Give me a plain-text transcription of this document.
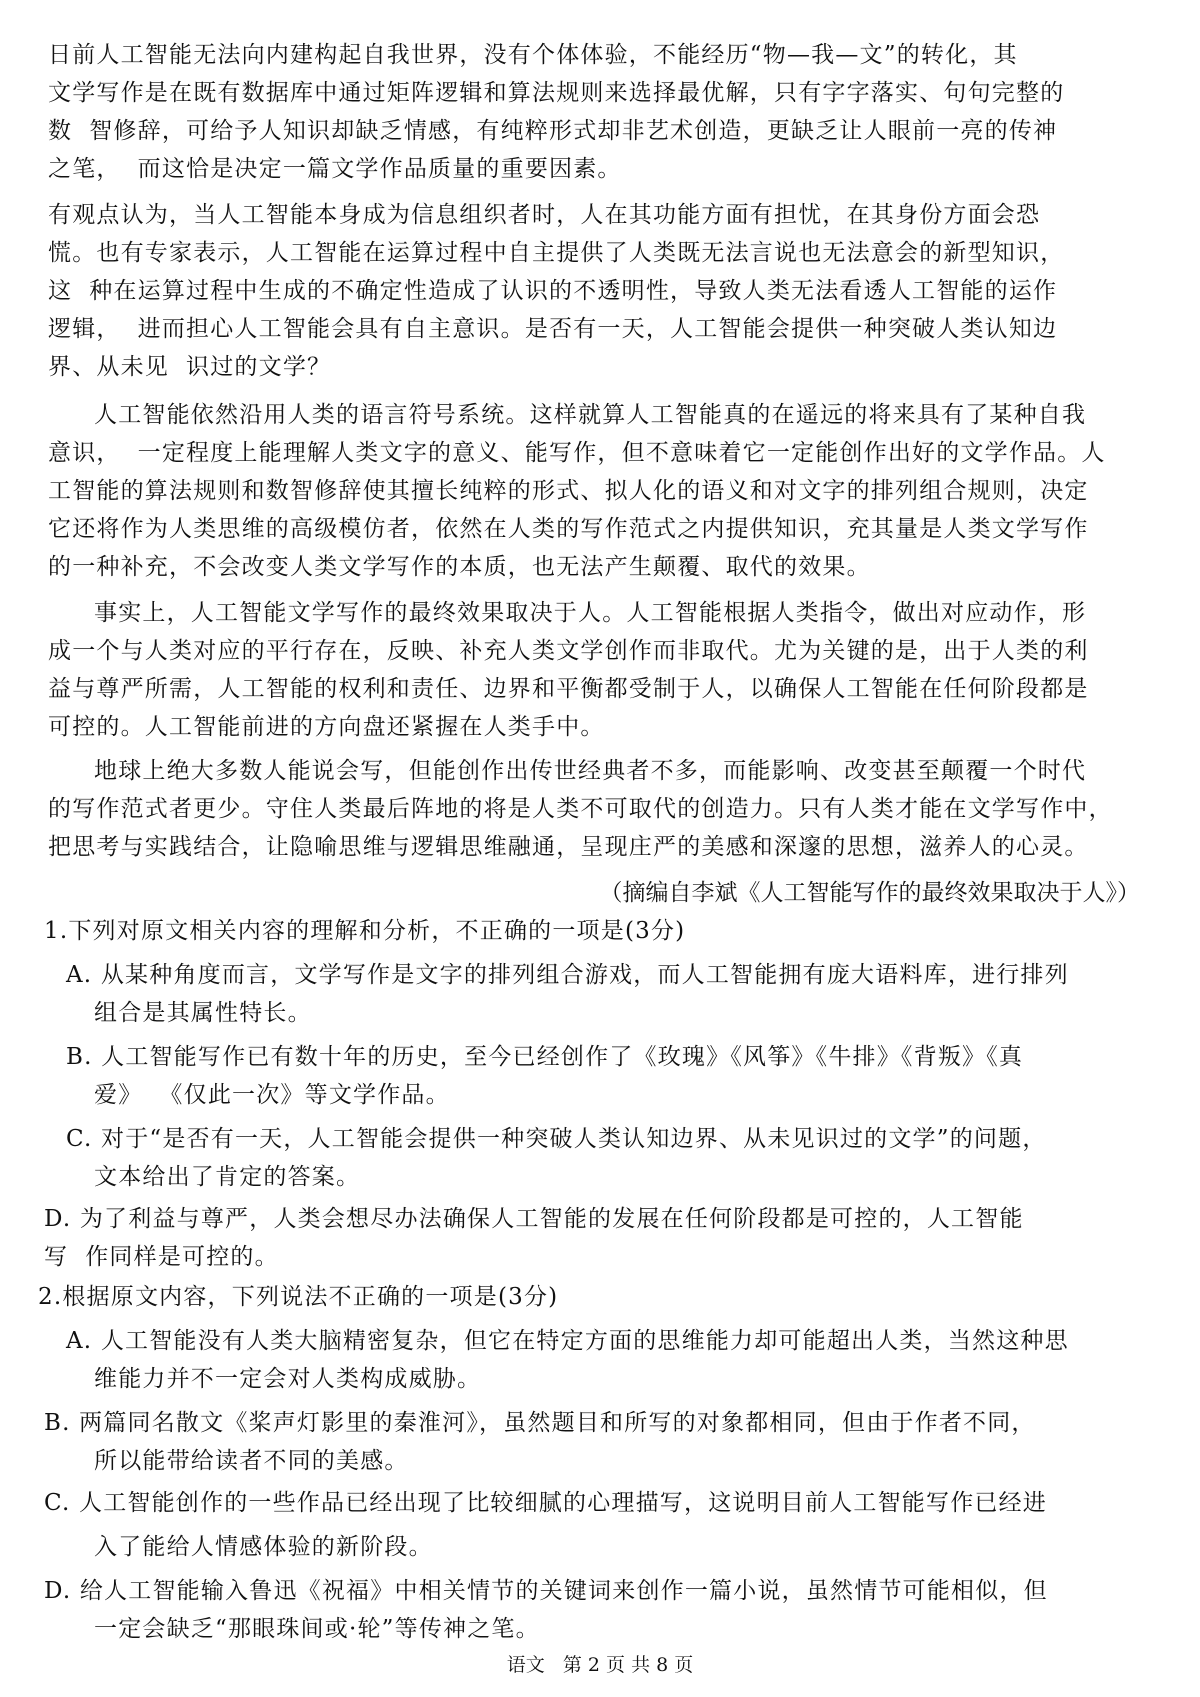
日前人工智能无法向内建构起自我世界，没有个体体验，不能经历“物—我—文”的转化，其
文学写作是在既有数据库中通过矩阵逻辑和算法规则来选择最优解，只有字字落实、句句完整的
数  智修辞，可给予人知识却缺乏情感，有纯粹形式却非艺术创造，更缺乏让人眼前一亮的传神
之笔，  而这恰是决定一篇文学作品质量的重要因素。
有观点认为，当人工智能本身成为信息组织者时，人在其功能方面有担忧，在其身份方面会恐
慌。也有专家表示，人工智能在运算过程中自主提供了人类既无法言说也无法意会的新型知识，
这  种在运算过程中生成的不确定性造成了认识的不透明性，导致人类无法看透人工智能的运作
逻辑，  进而担心人工智能会具有自主意识。是否有一天，人工智能会提供一种突破人类认知边
界、从未见  识过的文学？
人工智能依然沿用人类的语言符号系统。这样就算人工智能真的在遥远的将来具有了某种自我
意识，  一定程度上能理解人类文字的意义、能写作，但不意味着它一定能创作出好的文学作品。人
工智能的算法规则和数智修辞使其擅长纯粹的形式、拟人化的语义和对文字的排列组合规则，决定
它还将作为人类思维的高级模仿者，依然在人类的写作范式之内提供知识，充其量是人类文学写作
的一种补充，不会改变人类文学写作的本质，也无法产生颠覆、取代的效果。
事实上，人工智能文学写作的最终效果取决于人。人工智能根据人类指令，做出对应动作，形
成一个与人类对应的平行存在，反映、补充人类文学创作而非取代。尤为关键的是，出于人类的利
益与尊严所需，人工智能的权利和责任、边界和平衡都受制于人，以确保人工智能在任何阶段都是
可控的。人工智能前进的方向盘还紧握在人类手中。
地球上绝大多数人能说会写，但能创作出传世经典者不多，而能影响、改变甚至颠覆一个时代
的写作范式者更少。守住人类最后阵地的将是人类不可取代的创造力。只有人类才能在文学写作中，
把思考与实践结合，让隐喻思维与逻辑思维融通，呈现庄严的美感和深邃的思想，滋养人的心灵。
（摘编自李斌《人工智能写作的最终效果取决于人》）
1.下列对原文相关内容的理解和分析，不正确的一项是(3分)
A. 从某种角度而言，文学写作是文字的排列组合游戏，而人工智能拥有庞大语料库，进行排列
组合是其属性特长。
B. 人工智能写作已有数十年的历史，至今已经创作了《玫瑰》《风筝》《牛排》《背叛》《真
爱》  《仅此一次》等文学作品。
C. 对于“是否有一天，人工智能会提供一种突破人类认知边界、从未见识过的文学”的问题，
文本给出了肯定的答案。
D. 为了利益与尊严，人类会想尽办法确保人工智能的发展在任何阶段都是可控的，人工智能
写  作同样是可控的。
2.根据原文内容，下列说法不正确的一项是(3分)
A. 人工智能没有人类大脑精密复杂，但它在特定方面的思维能力却可能超出人类，当然这种思
维能力并不一定会对人类构成威胁。
B. 两篇同名散文《桨声灯影里的秦淮河》，虽然题目和所写的对象都相同，但由于作者不同，
所以能带给读者不同的美感。
C. 人工智能创作的一些作品已经出现了比较细腻的心理描写，这说明目前人工智能写作已经进
入了能给人情感体验的新阶段。
D. 给人工智能输入鲁迅《祝福》中相关情节的关键词来创作一篇小说，虽然情节可能相似，但
一定会缺乏“那眼珠间或·轮”等传神之笔。
语文   第 2 页 共 8 页
